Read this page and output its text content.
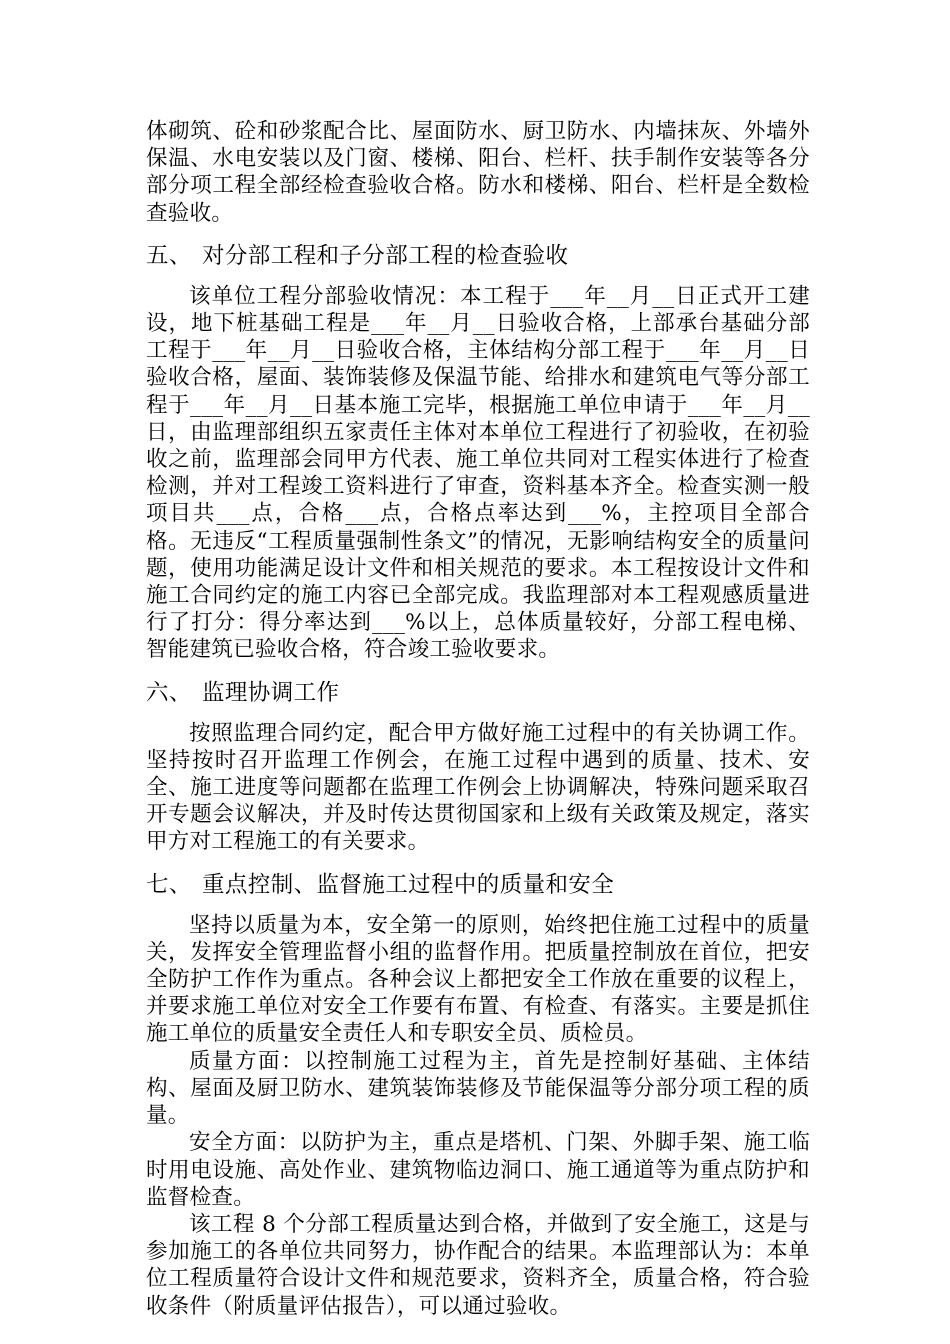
体砌筑、砼和砂浆配合比、屋面防水、厨卫防水、内墙抹灰、外墙外保温、水电安装以及门窗、楼梯、阳台、栏杆、扶手制作安装等各分部分项工程全部经检查验收合格。防水和楼梯、阳台、栏杆是全数检查验收。

五、 对分部工程和子分部工程的检查验收

该单位工程分部验收情况：本工程于___年__月__日正式开工建设，地下桩基础工程是___年__月__日验收合格，上部承台基础分部工程于___年__月__日验收合格，主体结构分部工程于___年__月__日验收合格，屋面、装饰装修及保温节能、给排水和建筑电气等分部工程于___年__月__日基本施工完毕，根据施工单位申请于___年__月__日，由监理部组织五家责任主体对本单位工程进行了初验收，在初验收之前，监理部会同甲方代表、施工单位共同对工程实体进行了检查检测，并对工程竣工资料进行了审查，资料基本齐全。检查实测一般项目共___点，合格___点，合格点率达到___%，主控项目全部合格。无违反“工程质量强制性条文”的情况，无影响结构安全的质量问题，使用功能满足设计文件和相关规范的要求。本工程按设计文件和施工合同约定的施工内容已全部完成。我监理部对本工程观感质量进行了打分：得分率达到___%以上，总体质量较好，分部工程电梯、智能建筑已验收合格，符合竣工验收要求。

六、 监理协调工作

按照监理合同约定，配合甲方做好施工过程中的有关协调工作。坚持按时召开监理工作例会，在施工过程中遇到的质量、技术、安全、施工进度等问题都在监理工作例会上协调解决，特殊问题采取召开专题会议解决，并及时传达贯彻国家和上级有关政策及规定，落实甲方对工程施工的有关要求。

七、 重点控制、监督施工过程中的质量和安全

坚持以质量为本，安全第一的原则，始终把住施工过程中的质量关，发挥安全管理监督小组的监督作用。把质量控制放在首位，把安全防护工作作为重点。各种会议上都把安全工作放在重要的议程上，并要求施工单位对安全工作要有布置、有检查、有落实。主要是抓住施工单位的质量安全责任人和专职安全员、质检员。

质量方面：以控制施工过程为主，首先是控制好基础、主体结构、屋面及厨卫防水、建筑装饰装修及节能保温等分部分项工程的质量。

安全方面：以防护为主，重点是塔机、门架、外脚手架、施工临时用电设施、高处作业、建筑物临边洞口、施工通道等为重点防护和监督检查。

该工程 8 个分部工程质量达到合格，并做到了安全施工，这是与参加施工的各单位共同努力，协作配合的结果。本监理部认为：本单位工程质量符合设计文件和规范要求，资料齐全，质量合格，符合验收条件（附质量评估报告），可以通过验收。
